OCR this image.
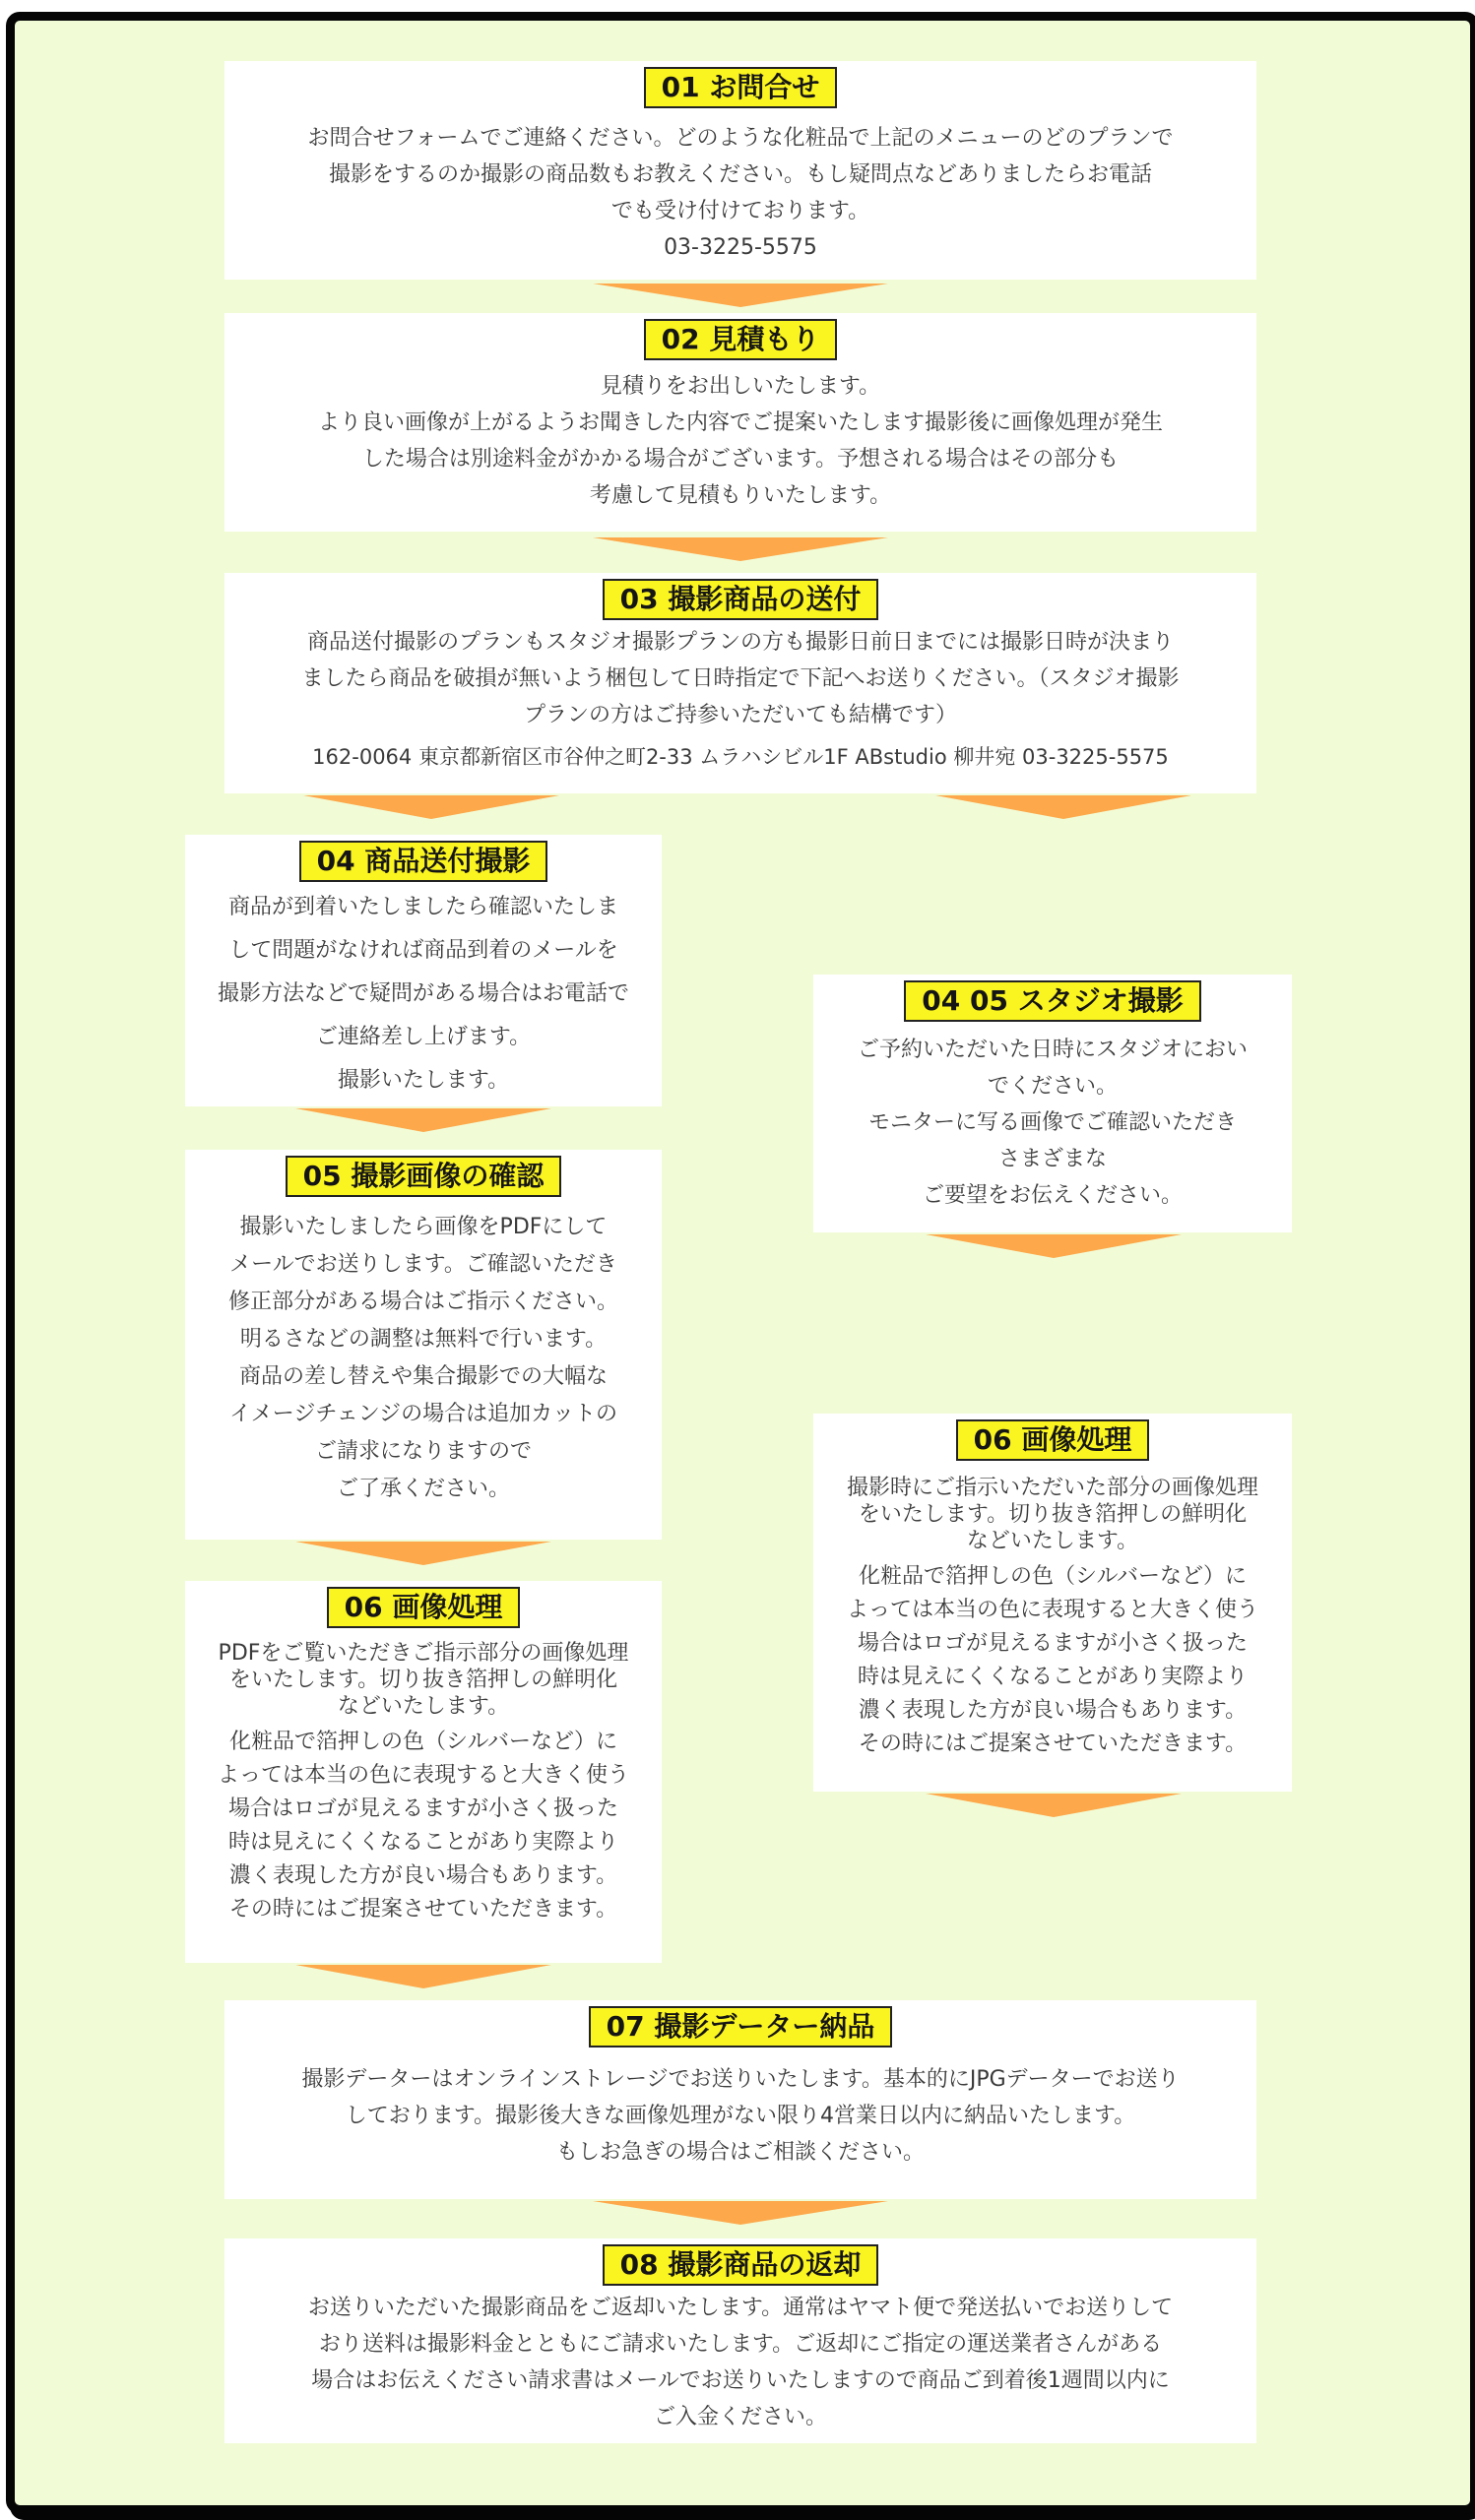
01 お問合せ

お問合せフォームでご連絡ください。どのような化粧品で上記のメニューのどのプランで

撮影をするのか撮影の商品数もお教えください。もし疑問点などありましたらお電話

でも受け付けております。

03-3225-5575

02 見積もり

見積りをお出しいたします。

より良い画像が上がるようお聞きした内容でご提案いたします撮影後に画像処理が発生

した場合は別途料金がかかる場合がございます。予想される場合はその部分も

考慮して見積もりいたします。

03 撮影商品の送付

商品送付撮影のプランもスタジオ撮影プランの方も撮影日前日までには撮影日時が決まり

ましたら商品を破損が無いよう梱包して日時指定で下記へお送りください。（スタジオ撮影

プランの方はご持参いただいても結構です）

162-0064 東京都新宿区市谷仲之町2-33 ムラハシビル1F ABstudio 柳井宛 03-3225-5575

04 商品送付撮影

商品が到着いたしましたら確認いたしま

して問題がなければ商品到着のメールを

撮影方法などで疑問がある場合はお電話で

ご連絡差し上げます。

撮影いたします。

04 05 スタジオ撮影

ご予約いただいた日時にスタジオにおい

でください。

モニターに写る画像でご確認いただき

さまざまな

ご要望をお伝えください。

05 撮影画像の確認

撮影いたしましたら画像をPDFにして

メールでお送りします。ご確認いただき

修正部分がある場合はご指示ください。

明るさなどの調整は無料で行います。

商品の差し替えや集合撮影での大幅な

イメージチェンジの場合は追加カットの

ご請求になりますので

ご了承ください。

06 画像処理

撮影時にご指示いただいた部分の画像処理

をいたします。切り抜き箔押しの鮮明化

などいたします。

化粧品で箔押しの色（シルバーなど）に

よっては本当の色に表現すると大きく使う

場合はロゴが見えるますが小さく扱った

時は見えにくくなることがあり実際より

濃く表現した方が良い場合もあります。

その時にはご提案させていただきます。

06 画像処理

PDFをご覧いただきご指示部分の画像処理

をいたします。切り抜き箔押しの鮮明化

などいたします。

化粧品で箔押しの色（シルバーなど）に

よっては本当の色に表現すると大きく使う

場合はロゴが見えるますが小さく扱った

時は見えにくくなることがあり実際より

濃く表現した方が良い場合もあります。

その時にはご提案させていただきます。

07 撮影データー納品

撮影データーはオンラインストレージでお送りいたします。基本的にJPGデーターでお送り

しております。撮影後大きな画像処理がない限り4営業日以内に納品いたします。

もしお急ぎの場合はご相談ください。

08 撮影商品の返却

お送りいただいた撮影商品をご返却いたします。通常はヤマト便で発送払いでお送りして

おり送料は撮影料金とともにご請求いたします。ご返却にご指定の運送業者さんがある

場合はお伝えください請求書はメールでお送りいたしますので商品ご到着後1週間以内に

ご入金ください。
